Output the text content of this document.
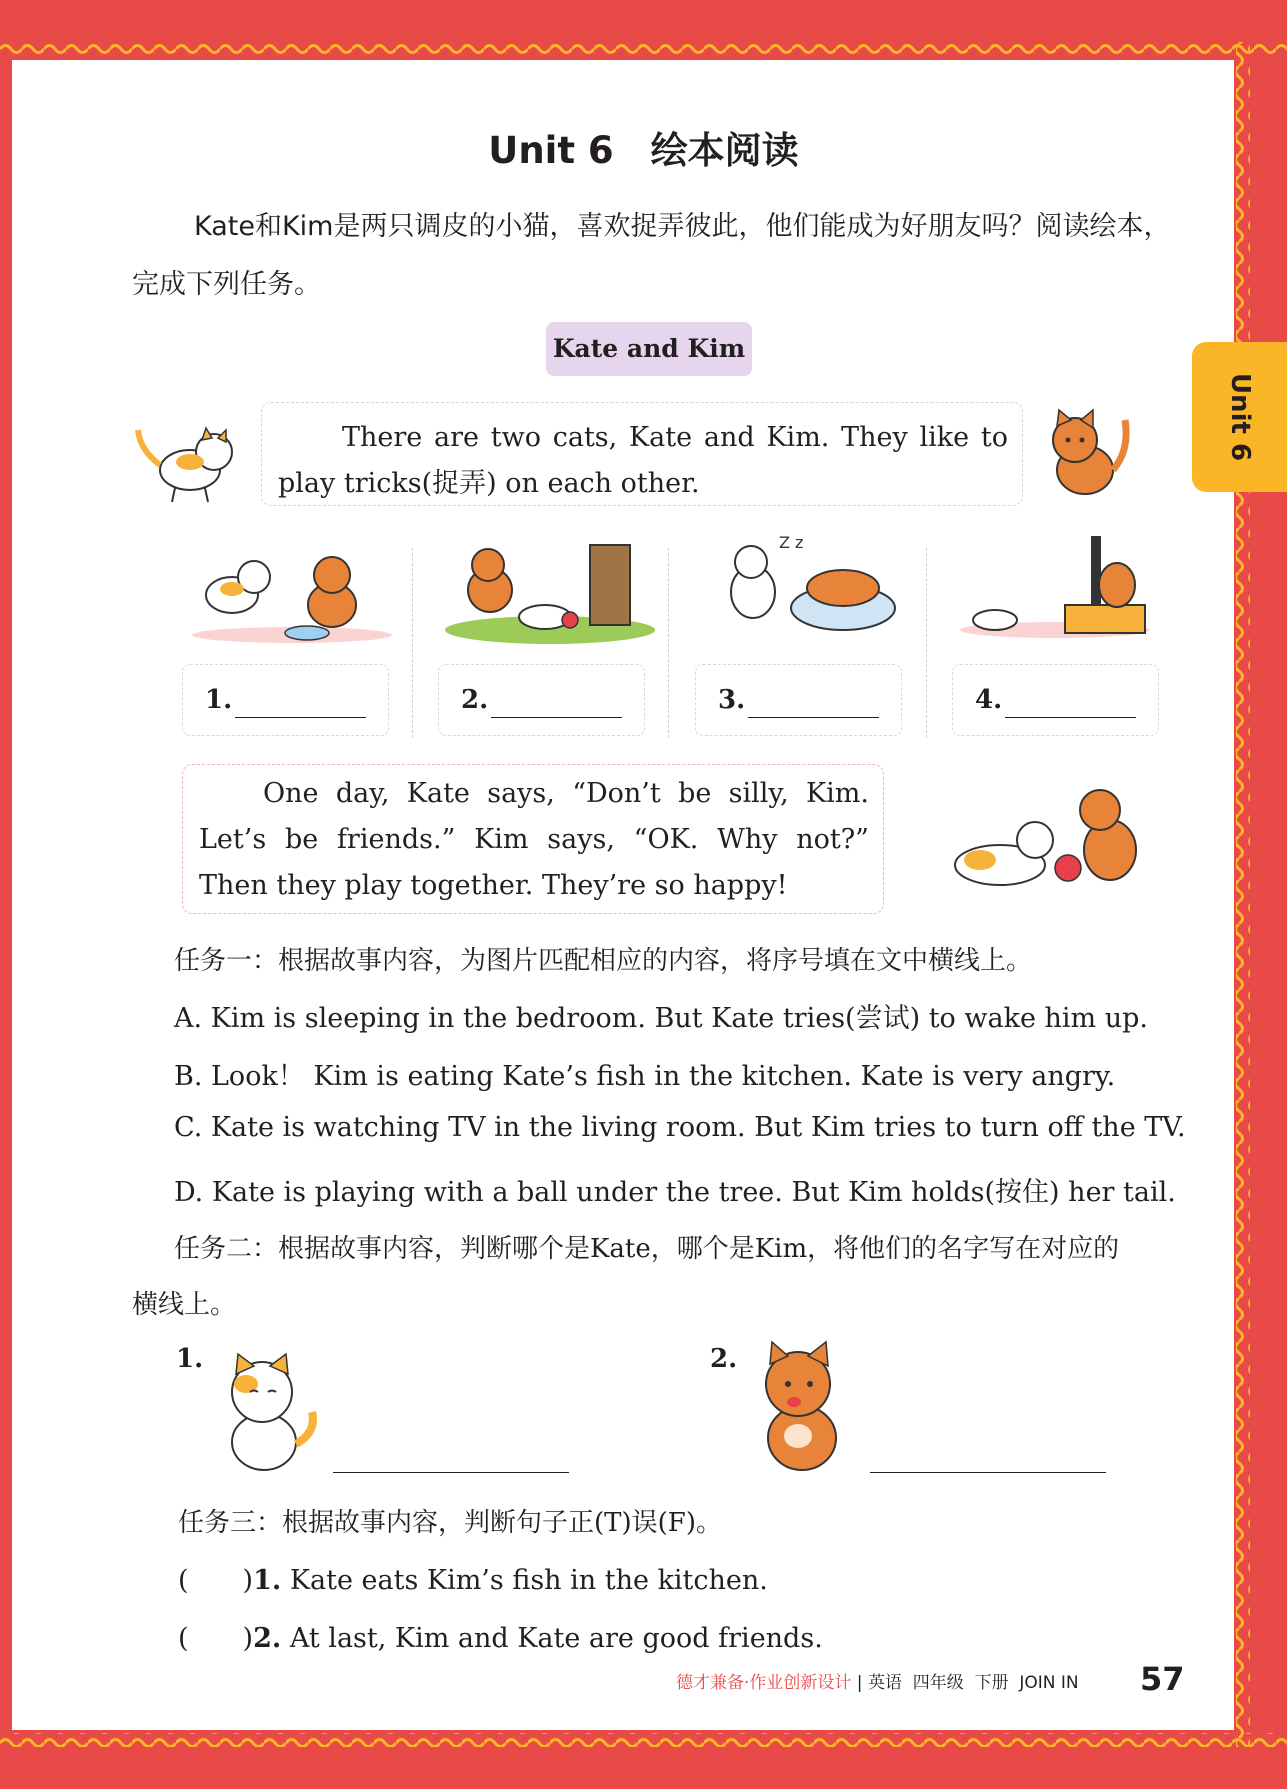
Unit 6
Unit 6　绘本阅读

Kate和Kim是两只调皮的小猫，喜欢捉弄彼此，他们能成为好朋友吗？阅读绘本，完成下列任务。

Kate and Kim

There are two cats, Kate and Kim. They like to play tricks(捉弄) on each other.

Z z
1.	2.	3.	4.

One day, Kate says, “Don’t be silly, Kim. Let’s be friends.” Kim says, “OK. Why not?” Then they play together. They’re so happy!

任务一：根据故事内容，为图片匹配相应的内容，将序号填在文中横线上。
A. Kim is sleeping in the bedroom. But Kate tries(尝试) to wake him up.
B. Look！ Kim is eating Kate’s fish in the kitchen. Kate is very angry.
C. Kate is watching TV in the living room. But Kim tries to turn off the TV.
D. Kate is playing with a ball under the tree. But Kim holds(按住) her tail.
任务二：根据故事内容，判断哪个是Kate，哪个是Kim，将他们的名字写在对应的
横线上。
1.	2.
任务三：根据故事内容，判断句子正(T)误(F)。
(　　)1. Kate eats Kim’s fish in the kitchen.
(　　)2. At last, Kim and Kate are good friends.
德才兼备·作业创新设计 | 英语 四年级 下册 JOIN IN 57
